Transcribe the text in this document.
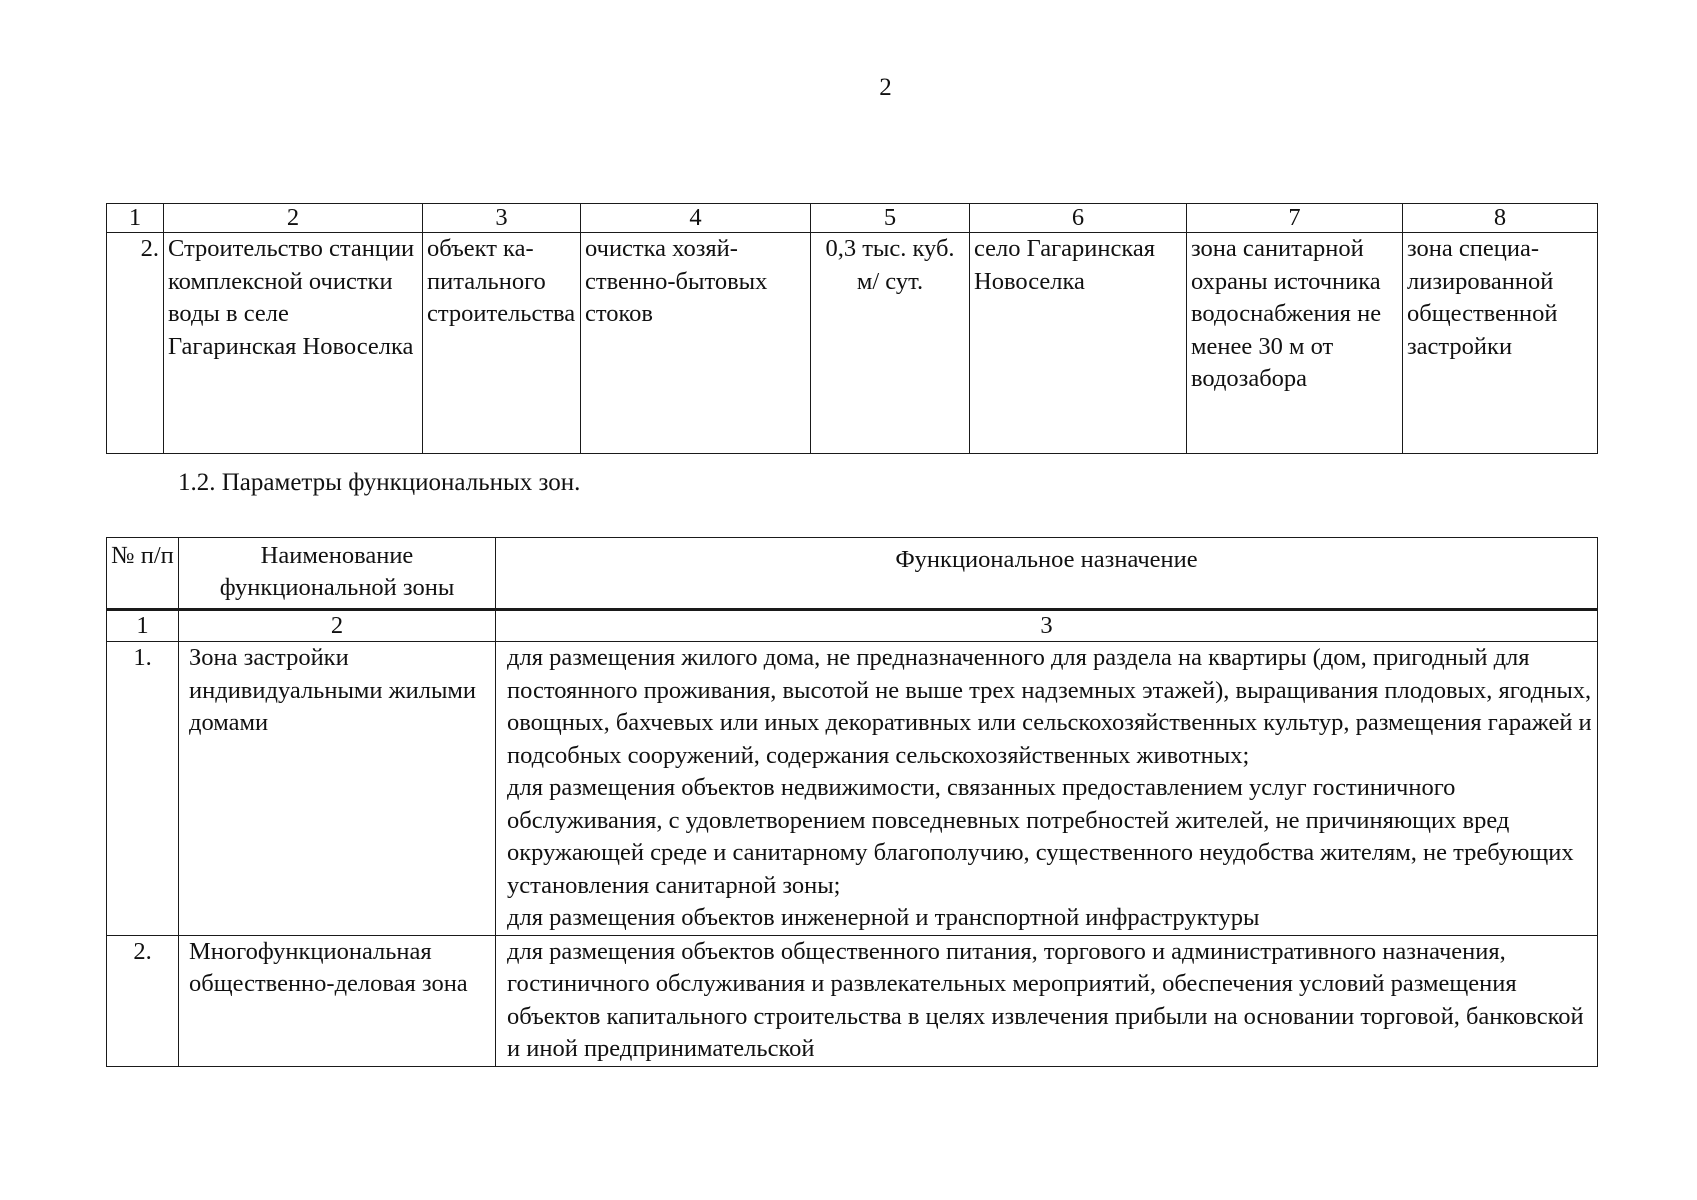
2
1	2	3	4	5	6	7	8
2.	Строительство станции комплексной очистки воды в селе Гагаринская Новоселка	объект капитального строительства	очистка хозяйственно-бытовых стоков	0,3 тыс. куб. м/ сут.	село Гагаринская Новоселка	зона санитарной охраны источника водоснабжения не менее 30 м от водозабора	зона специализированной общественной застройки
1.2. Параметры функциональных зон.
№ п/п	Наименование функциональной зоны	Функциональное назначение
1	2	3
1.	Зона застройки индивидуальными жилыми домами	для размещения жилого дома, не предназначенного для раздела на квартиры (дом, пригодный для постоянного проживания, высотой не выше трех надземных этажей), выращивания плодовых, ягодных, овощных, бахчевых или иных декоративных или сельскохозяйственных культур, размещения гаражей и подсобных сооружений, содержания сельскохозяйственных животных;
для размещения объектов недвижимости, связанных предоставлением услуг гостиничного обслуживания, с удовлетворением повседневных потребностей жителей, не причиняющих вред окружающей среде и санитарному благополучию, существенного неудобства жителям, не требующих установления санитарной зоны;
для размещения объектов инженерной и транспортной инфраструктуры
2.	Многофункциональная общественно-деловая зона	для размещения объектов общественного питания, торгового и административного назначения, гостиничного обслуживания и развлекательных мероприятий, обеспечения условий размещения объектов капитального строительства в целях извлечения прибыли на основании торговой, банковской и иной предпринимательской
